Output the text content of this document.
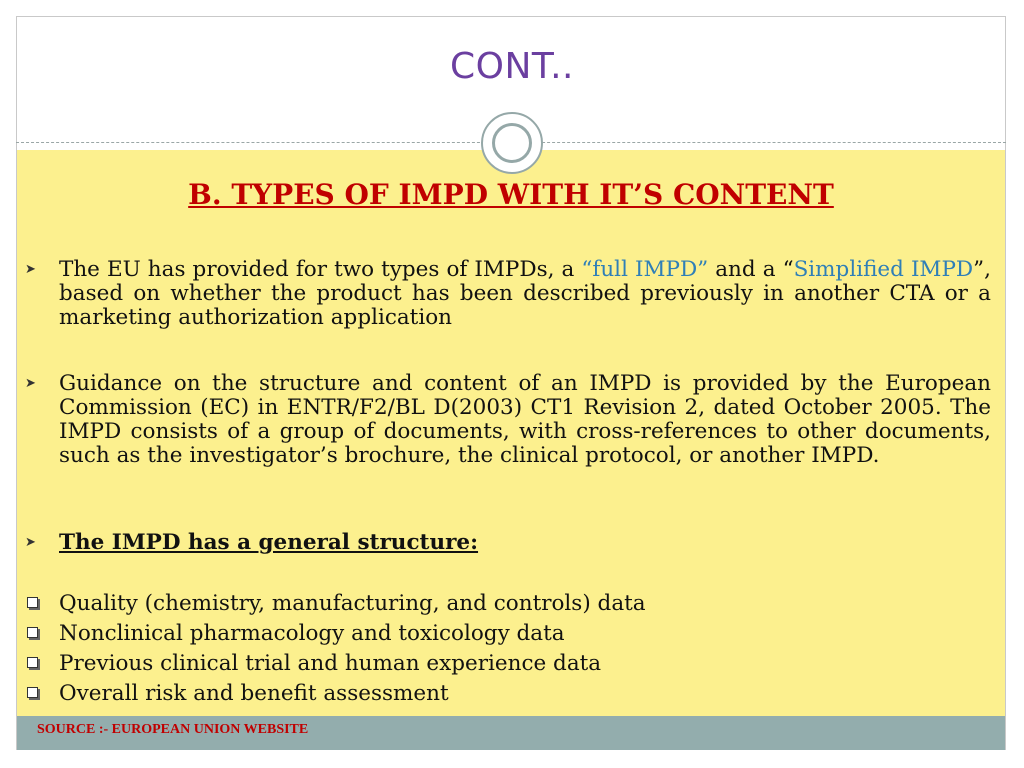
CONT..
B. TYPES OF IMPD WITH IT’S CONTENT
➤ The EU has provided for two types of IMPDs, a “full IMPD” and a “Simplified IMPD”, based on whether the product has been described previously in another CTA or a marketing authorization application
➤ Guidance on the structure and content of an IMPD is provided by the European Commission (EC) in ENTR/F2/BL D(2003) CT1 Revision 2, dated October 2005. The IMPD consists of a group of documents, with cross-references to other documents, such as the investigator’s brochure, the clinical protocol, or another IMPD.
➤ The IMPD has a general structure:
Quality (chemistry, manufacturing, and controls) data
Nonclinical pharmacology and toxicology data
Previous clinical trial and human experience data
Overall risk and benefit assessment
SOURCE :- EUROPEAN UNION WEBSITE
